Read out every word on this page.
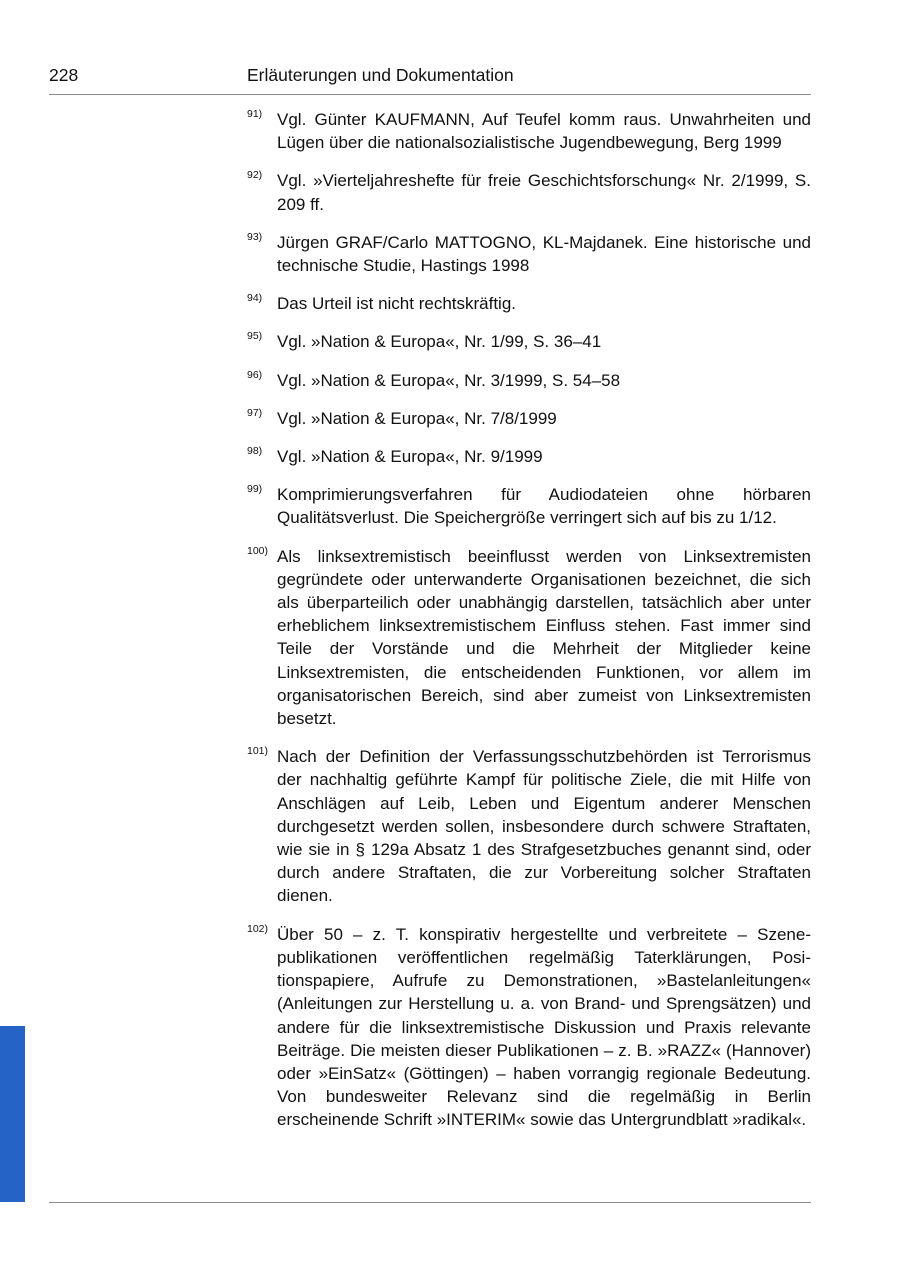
228	Erläuterungen und Dokumentation
91) Vgl. Günter KAUFMANN, Auf Teufel komm raus. Unwahrheiten und Lügen über die nationalsozialistische Jugendbewegung, Berg 1999
92) Vgl. »Vierteljahreshefte für freie Geschichtsforschung« Nr. 2/1999, S. 209 ff.
93) Jürgen GRAF/Carlo MATTOGNO, KL-Majdanek. Eine historische und technische Studie, Hastings 1998
94) Das Urteil ist nicht rechtskräftig.
95) Vgl. »Nation & Europa«, Nr. 1/99, S. 36–41
96) Vgl. »Nation & Europa«, Nr. 3/1999, S. 54–58
97) Vgl. »Nation & Europa«, Nr. 7/8/1999
98) Vgl. »Nation & Europa«, Nr. 9/1999
99) Komprimierungsverfahren für Audiodateien ohne hörbaren Qualitätsverlust. Die Speichergröße verringert sich auf bis zu 1/12.
100) Als linksextremistisch beeinflusst werden von Linksextremisten gegründete oder unterwanderte Organisationen bezeichnet, die sich als überparteilich oder unabhängig darstellen, tatsächlich aber unter erheblichem linksextremistischem Einfluss stehen. Fast immer sind Teile der Vorstände und die Mehrheit der Mitglieder keine Linksextremisten, die entscheidenden Funktionen, vor allem im organisatorischen Bereich, sind aber zumeist von Linksextremisten besetzt.
101) Nach der Definition der Verfassungsschutzbehörden ist Terrorismus der nachhaltig geführte Kampf für politische Ziele, die mit Hilfe von Anschlägen auf Leib, Leben und Eigentum anderer Menschen durchgesetzt werden sollen, insbesondere durch schwere Straftaten, wie sie in § 129a Absatz 1 des Strafgesetzbuches genannt sind, oder durch andere Straftaten, die zur Vorbereitung solcher Straftaten dienen.
102) Über 50 – z. T. konspirativ hergestellte und verbreitete – Szenepublikationen veröffentlichen regelmäßig Taterklärungen, Positionspapiere, Aufrufe zu Demonstrationen, »Bastelanleitungen« (Anleitungen zur Herstellung u. a. von Brand- und Sprengsätzen) und andere für die linksextremistische Diskussion und Praxis relevante Beiträge. Die meisten dieser Publikationen – z. B. »RAZZ« (Hannover) oder »EinSatz« (Göttingen) – haben vorrangig regionale Bedeutung. Von bundesweiter Relevanz sind die regelmäßig in Berlin erscheinende Schrift »INTERIM« sowie das Untergrundblatt »radikal«.
